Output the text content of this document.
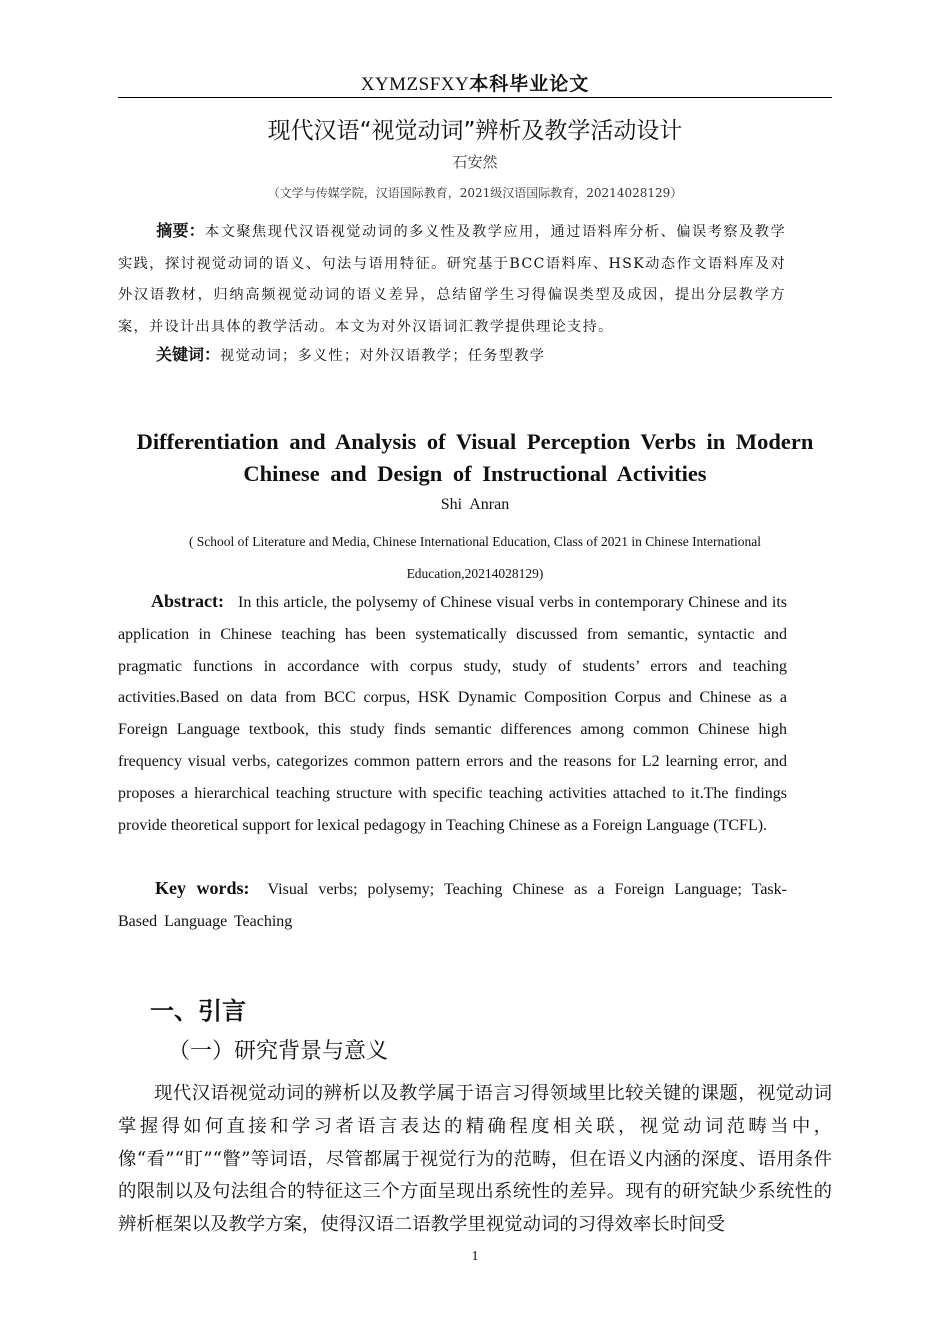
XYMZSFXY本科毕业论文
现代汉语“视觉动词”辨析及教学活动设计
石安然
（文学与传媒学院，汉语国际教育，2021级汉语国际教育，20214028129）
摘要：本文聚焦现代汉语视觉动词的多义性及教学应用，通过语料库分析、偏误考察及教学实践，探讨视觉动词的语义、句法与语用特征。研究基于BCC语料库、HSK动态作文语料库及对外汉语教材，归纳高频视觉动词的语义差异，总结留学生习得偏误类型及成因，提出分层教学方案，并设计出具体的教学活动。本文为对外汉语词汇教学提供理论支持。
关键词：视觉动词；多义性；对外汉语教学；任务型教学
Differentiation and Analysis of Visual Perception Verbs in Modern
Chinese and Design of Instructional Activities
Shi Anran
( School of Literature and Media, Chinese International Education, Class of 2021 in Chinese International
Education,20214028129)
Abstract: In this article, the polysemy of Chinese visual verbs in contemporary Chinese and its application in Chinese teaching has been systematically discussed from semantic, syntactic and pragmatic functions in accordance with corpus study, study of students’ errors and teaching activities.Based on data from BCC corpus, HSK Dynamic Composition Corpus and Chinese as a Foreign Language textbook, this study finds semantic differences among common Chinese high frequency visual verbs, categorizes common pattern errors and the reasons for L2 learning error, and proposes a hierarchical teaching structure with specific teaching activities attached to it.The findings provide theoretical support for lexical pedagogy in Teaching Chinese as a Foreign Language (TCFL).
Key words: Visual verbs; polysemy; Teaching Chinese as a Foreign Language; Task-Based Language Teaching
一、引言
（一）研究背景与意义
现代汉语视觉动词的辨析以及教学属于语言习得领域里比较关键的课题，视觉动词掌握得如何直接和学习者语言表达的精确程度相关联，视觉动词范畴当中，像“看”“盯”“瞥”等词语，尽管都属于视觉行为的范畴，但在语义内涵的深度、语用条件的限制以及句法组合的特征这三个方面呈现出系统性的差异。现有的研究缺少系统性的辨析框架以及教学方案，使得汉语二语教学里视觉动词的习得效率长时间受
1
